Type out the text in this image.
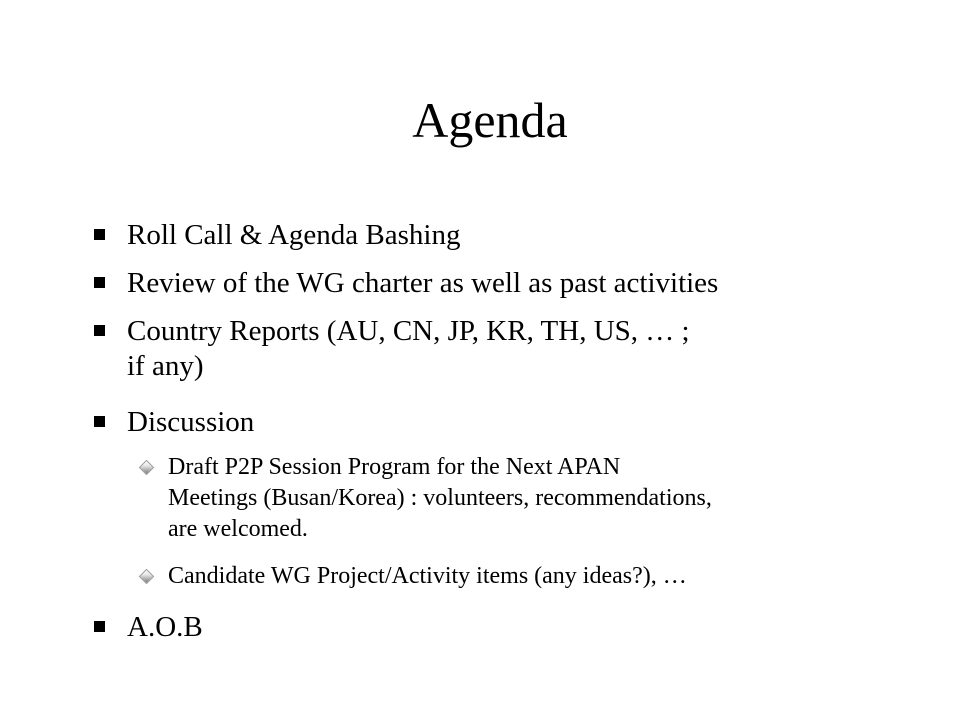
Agenda
Roll Call & Agenda Bashing
Review of the WG charter as well as past activities
Country Reports (AU, CN, JP, KR, TH, US, … ;
if any)
Discussion
Draft P2P Session Program for the Next APAN
Meetings (Busan/Korea) : volunteers, recommendations,
are welcomed.
Candidate WG Project/Activity items (any ideas?), …
A.O.B
